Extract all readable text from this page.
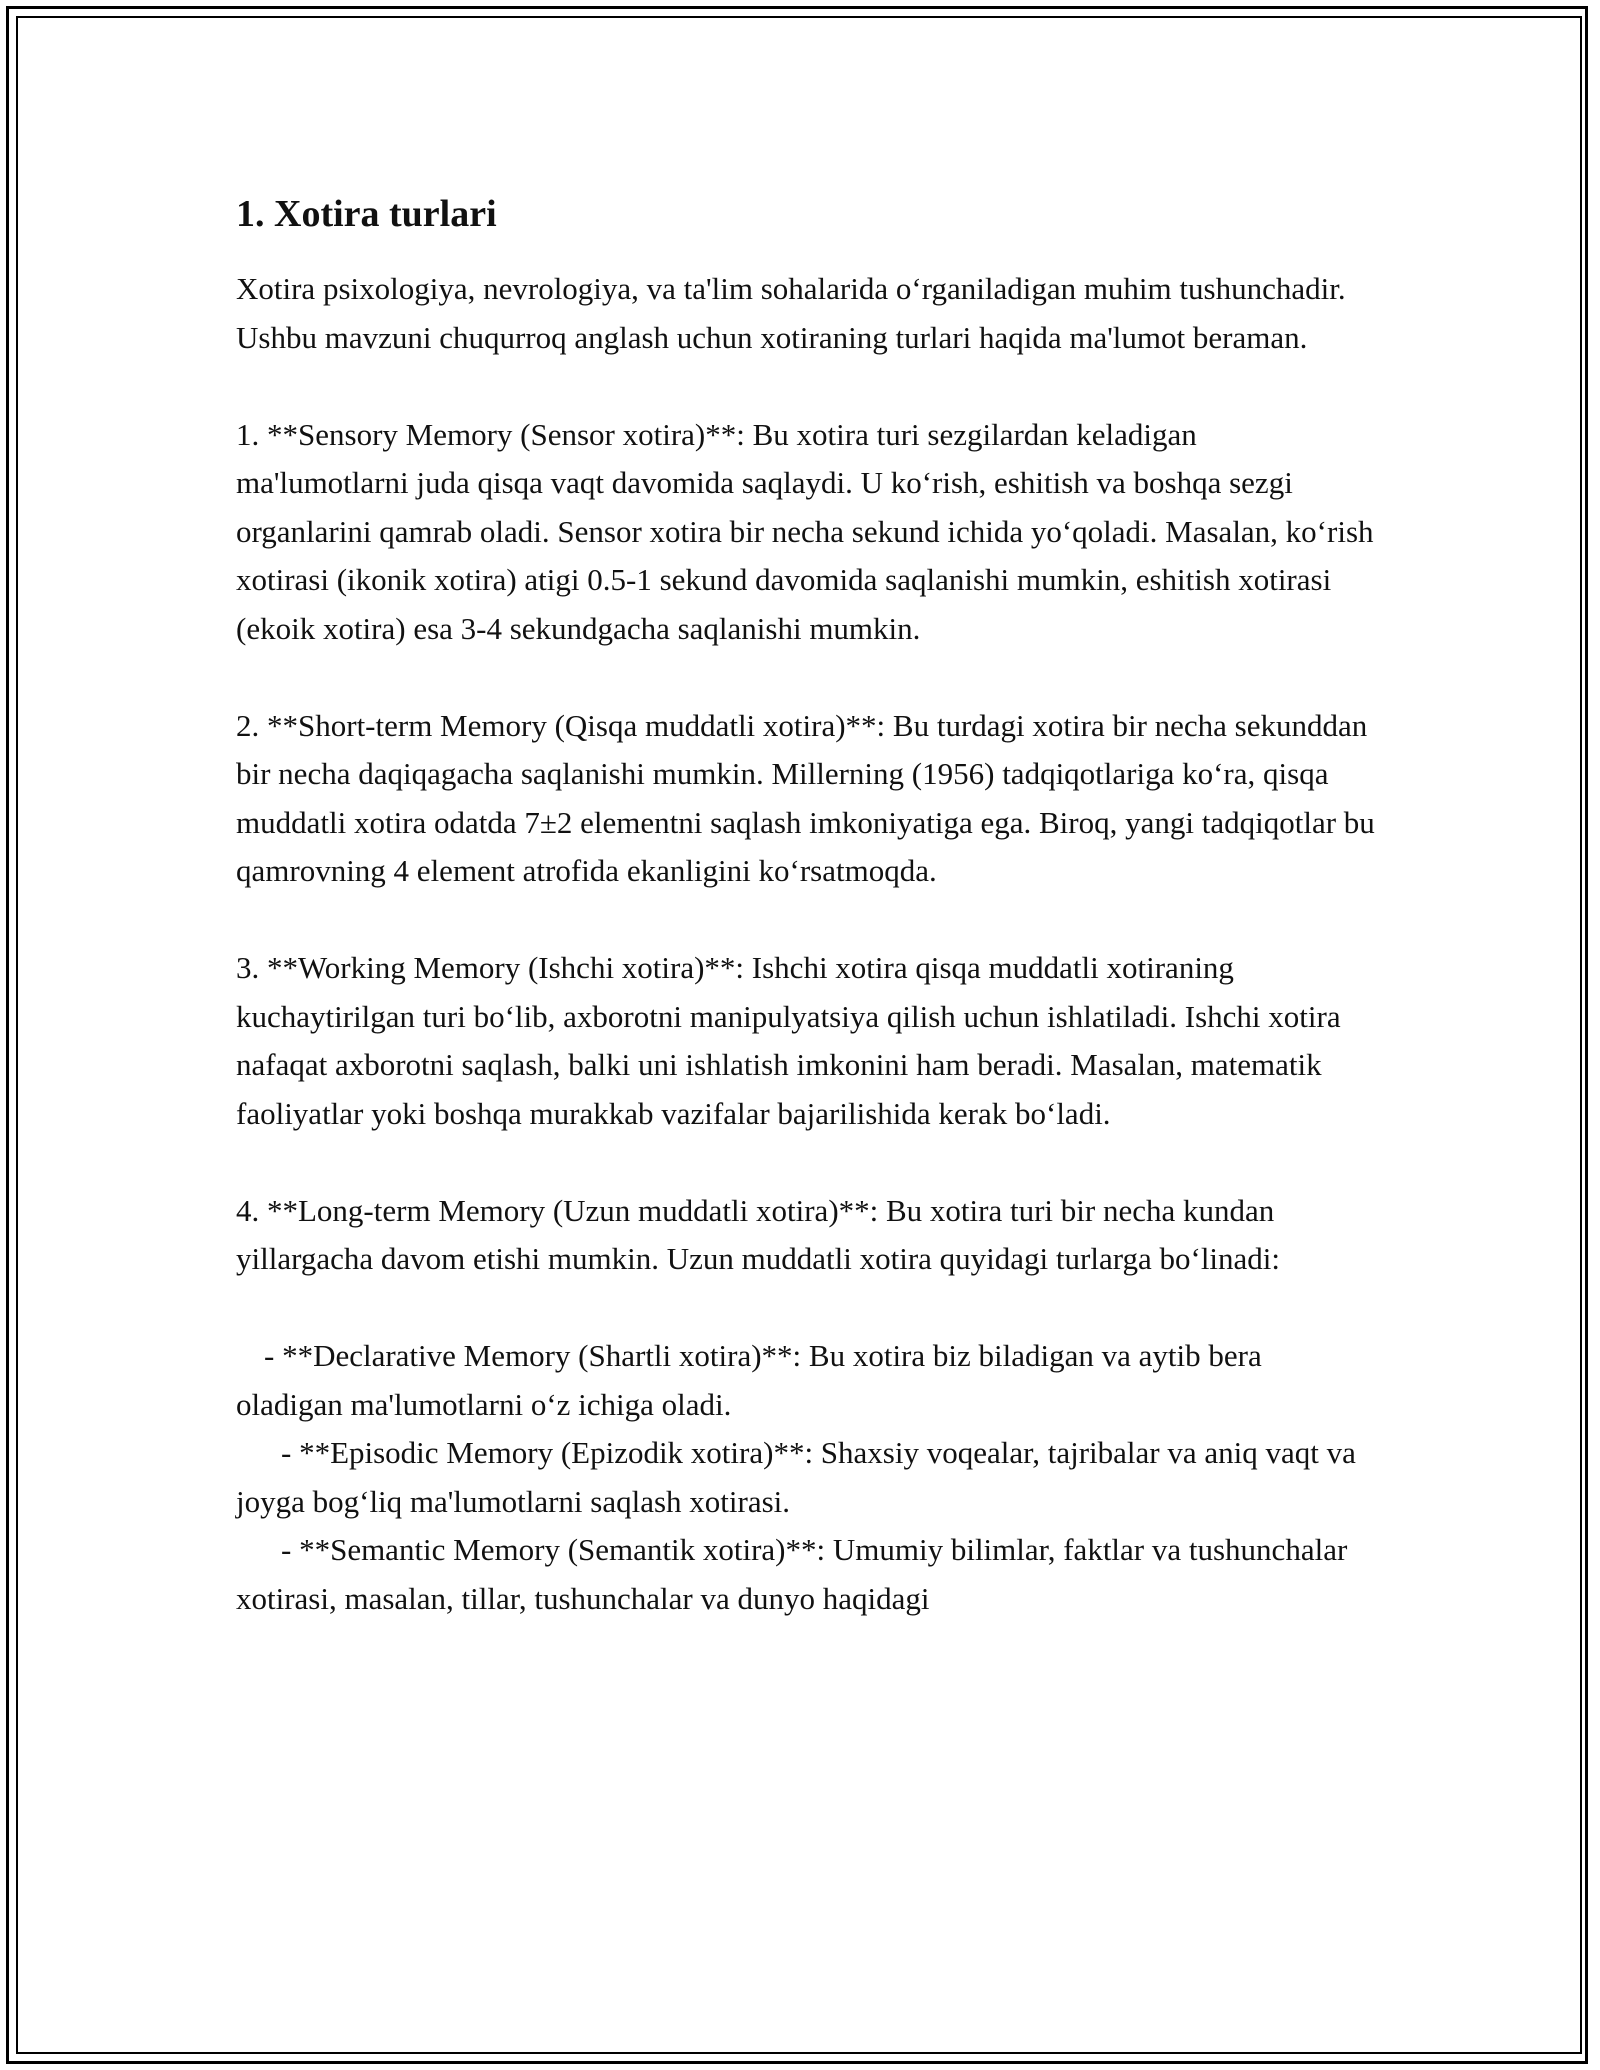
1. Xotira turlari

Xotira psixologiya, nevrologiya, va ta'lim sohalarida o‘rganiladigan muhim tushunchadir. Ushbu mavzuni chuqurroq anglash uchun xotiraning turlari haqida ma'lumot beraman.

1. **Sensory Memory (Sensor xotira)**: Bu xotira turi sezgilardan keladigan ma'lumotlarni juda qisqa vaqt davomida saqlaydi. U ko‘rish, eshitish va boshqa sezgi organlarini qamrab oladi. Sensor xotira bir necha sekund ichida yo‘qoladi. Masalan, ko‘rish xotirasi (ikonik xotira) atigi 0.5-1 sekund davomida saqlanishi mumkin, eshitish xotirasi (ekoik xotira) esa 3-4 sekundgacha saqlanishi mumkin.

2. **Short-term Memory (Qisqa muddatli xotira)**: Bu turdagi xotira bir necha sekunddan bir necha daqiqagacha saqlanishi mumkin. Millerning (1956) tadqiqotlariga ko‘ra, qisqa muddatli xotira odatda 7±2 elementni saqlash imkoniyatiga ega. Biroq, yangi tadqiqotlar bu qamrovning 4 element atrofida ekanligini ko‘rsatmoqda.

3. **Working Memory (Ishchi xotira)**: Ishchi xotira qisqa muddatli xotiraning kuchaytirilgan turi bo‘lib, axborotni manipulyatsiya qilish uchun ishlatiladi. Ishchi xotira nafaqat axborotni saqlash, balki uni ishlatish imkonini ham beradi. Masalan, matematik faoliyatlar yoki boshqa murakkab vazifalar bajarilishida kerak bo‘ladi.

4. **Long-term Memory (Uzun muddatli xotira)**: Bu xotira turi bir necha kundan yillargacha davom etishi mumkin. Uzun muddatli xotira quyidagi turlarga bo‘linadi:

- **Declarative Memory (Shartli xotira)**: Bu xotira biz biladigan va aytib bera oladigan ma'lumotlarni o‘z ichiga oladi.

- **Episodic Memory (Epizodik xotira)**: Shaxsiy voqealar, tajribalar va aniq vaqt va joyga bog‘liq ma'lumotlarni saqlash xotirasi.

- **Semantic Memory (Semantik xotira)**: Umumiy bilimlar, faktlar va tushunchalar xotirasi, masalan, tillar, tushunchalar va dunyo haqidagi
